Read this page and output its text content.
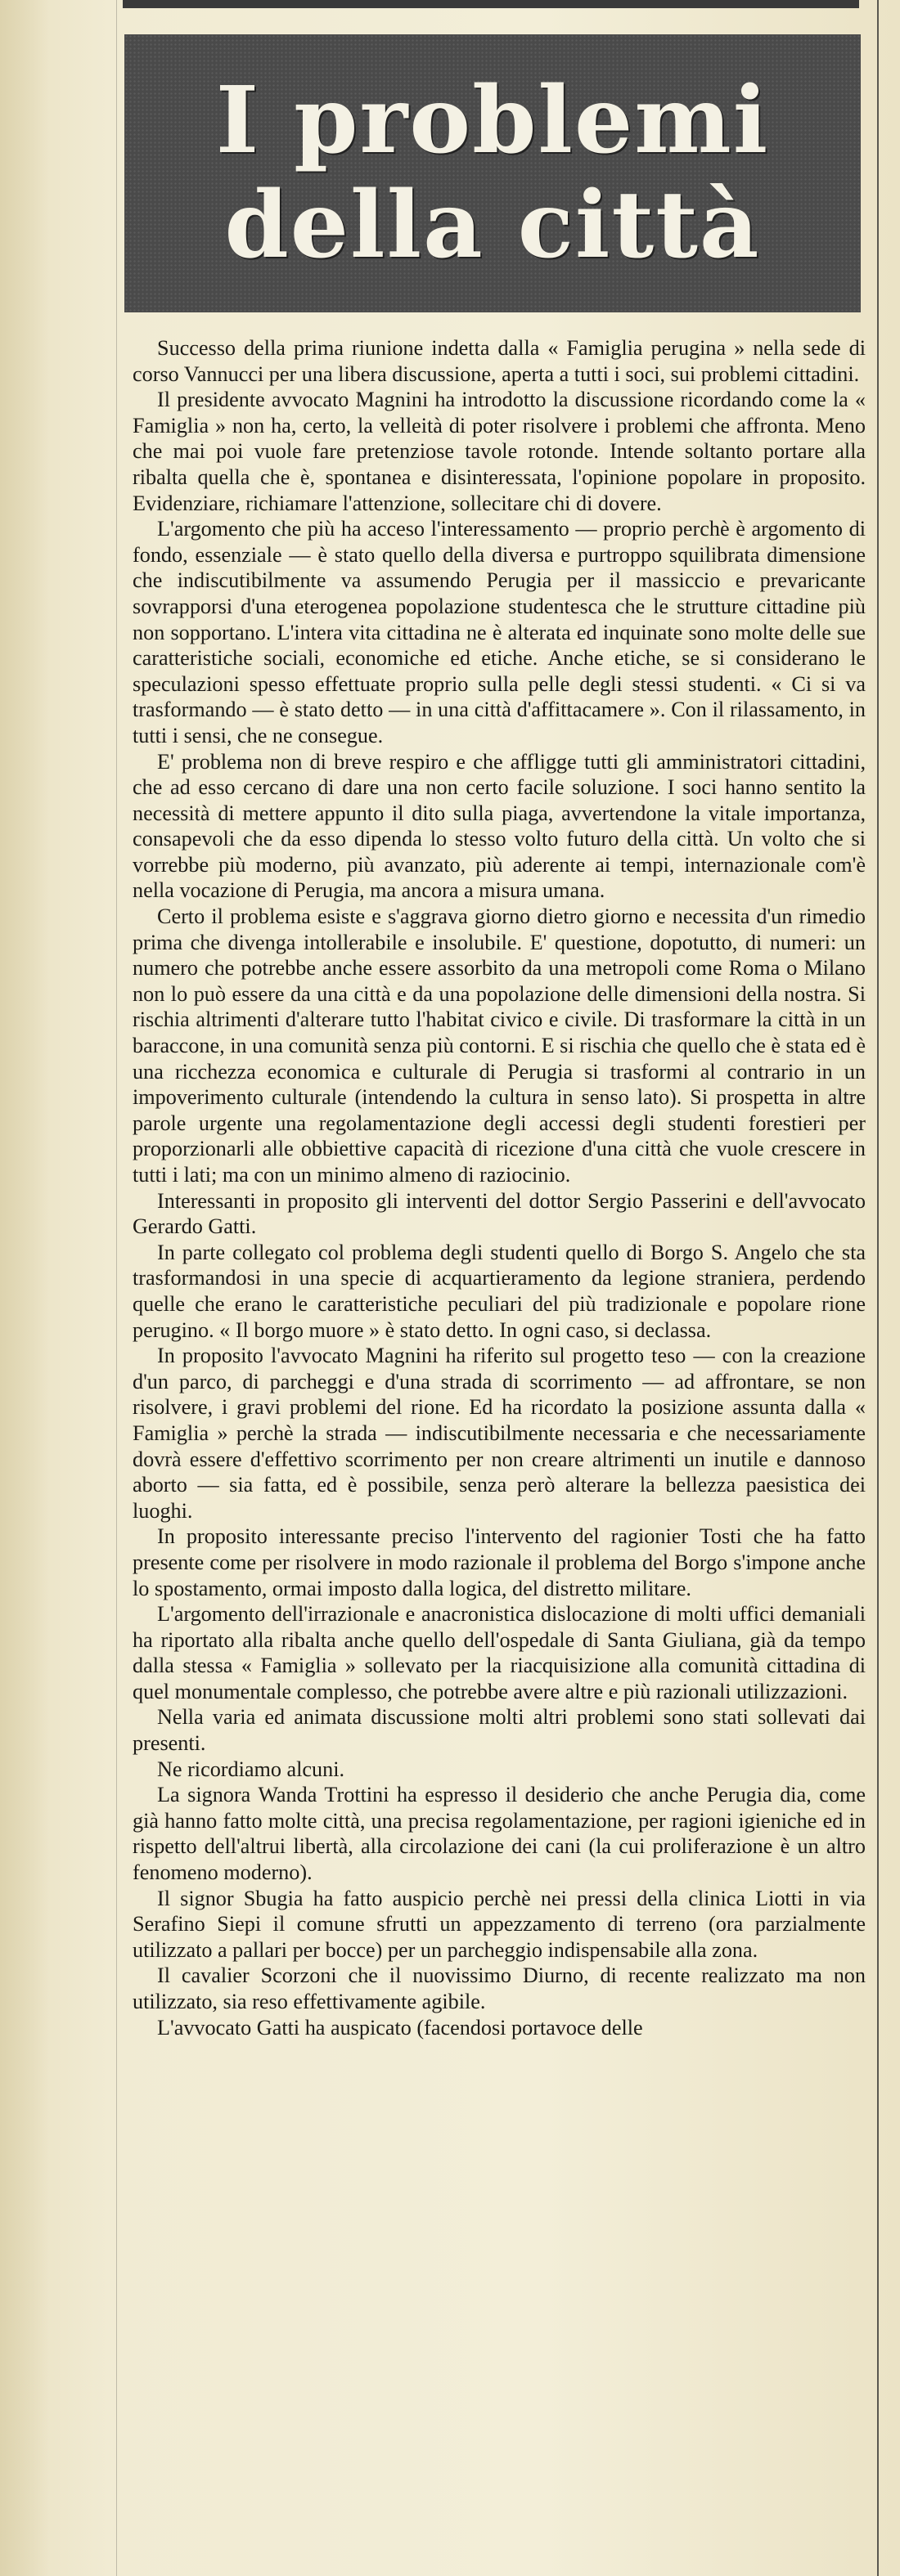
I problemi
della città

Successo della prima riunione indetta dalla « Famiglia perugina » nella sede di corso Vannucci per una libera discussione, aperta a tutti i soci, sui problemi cittadini.

Il presidente avvocato Magnini ha introdotto la discussione ricordando come la « Famiglia » non ha, certo, la velleità di poter risolvere i problemi che affronta. Meno che mai poi vuole fare pretenziose tavole rotonde. Intende soltanto portare alla ribalta quella che è, spontanea e disinteressata, l'opinione popolare in proposito. Evidenziare, richiamare l'attenzione, sollecitare chi di dovere.

L'argomento che più ha acceso l'interessamento — proprio perchè è argomento di fondo, essenziale — è stato quello della diversa e purtroppo squilibrata dimensione che indiscutibilmente va assumendo Perugia per il massiccio e prevaricante sovrapporsi d'una eterogenea popolazione studentesca che le strutture cittadine più non sopportano. L'intera vita cittadina ne è alterata ed inquinate sono molte delle sue caratteristiche sociali, economiche ed etiche. Anche etiche, se si considerano le speculazioni spesso effettuate proprio sulla pelle degli stessi studenti. « Ci si va trasformando — è stato detto — in una città d'affittacamere ». Con il rilassamento, in tutti i sensi, che ne consegue.

E' problema non di breve respiro e che affligge tutti gli amministratori cittadini, che ad esso cercano di dare una non certo facile soluzione. I soci hanno sentito la necessità di mettere appunto il dito sulla piaga, avvertendone la vitale importanza, consapevoli che da esso dipenda lo stesso volto futuro della città. Un volto che si vorrebbe più moderno, più avanzato, più aderente ai tempi, internazionale com'è nella vocazione di Perugia, ma ancora a misura umana.

Certo il problema esiste e s'aggrava giorno dietro giorno e necessita d'un rimedio prima che divenga intollerabile e insolubile. E' questione, dopotutto, di numeri: un numero che potrebbe anche essere assorbito da una metropoli come Roma o Milano non lo può essere da una città e da una popolazione delle dimensioni della nostra. Si rischia altrimenti d'alterare tutto l'habitat civico e civile. Di trasformare la città in un baraccone, in una comunità senza più contorni. E si rischia che quello che è stata ed è una ricchezza economica e culturale di Perugia si trasformi al contrario in un impoverimento culturale (intendendo la cultura in senso lato). Si prospetta in altre parole urgente una regolamentazione degli accessi degli studenti forestieri per proporzionarli alle obbiettive capacità di ricezione d'una città che vuole crescere in tutti i lati; ma con un minimo almeno di raziocinio.

Interessanti in proposito gli interventi del dottor Sergio Passerini e dell'avvocato Gerardo Gatti.

In parte collegato col problema degli studenti quello di Borgo S. Angelo che sta trasformandosi in una specie di acquartieramento da legione straniera, perdendo quelle che erano le caratteristiche peculiari del più tradizionale e popolare rione perugino. « Il borgo muore » è stato detto. In ogni caso, si declassa.

In proposito l'avvocato Magnini ha riferito sul progetto teso — con la creazione d'un parco, di parcheggi e d'una strada di scorrimento — ad affrontare, se non risolvere, i gravi problemi del rione. Ed ha ricordato la posizione assunta dalla « Famiglia » perchè la strada — indiscutibilmente necessaria e che necessariamente dovrà essere d'effettivo scorrimento per non creare altrimenti un inutile e dannoso aborto — sia fatta, ed è possibile, senza però alterare la bellezza paesistica dei luoghi.

In proposito interessante preciso l'intervento del ragionier Tosti che ha fatto presente come per risolvere in modo razionale il problema del Borgo s'impone anche lo spostamento, ormai imposto dalla logica, del distretto militare.

L'argomento dell'irrazionale e anacronistica dislocazione di molti uffici demaniali ha riportato alla ribalta anche quello dell'ospedale di Santa Giuliana, già da tempo dalla stessa « Famiglia » sollevato per la riacquisizione alla comunità cittadina di quel monumentale complesso, che potrebbe avere altre e più razionali utilizzazioni.

Nella varia ed animata discussione molti altri problemi sono stati sollevati dai presenti.

Ne ricordiamo alcuni.

La signora Wanda Trottini ha espresso il desiderio che anche Perugia dia, come già hanno fatto molte città, una precisa regolamentazione, per ragioni igieniche ed in rispetto dell'altrui libertà, alla circolazione dei cani (la cui proliferazione è un altro fenomeno moderno).

Il signor Sbugia ha fatto auspicio perchè nei pressi della clinica Liotti in via Serafino Siepi il comune sfrutti un appezzamento di terreno (ora parzialmente utilizzato a pallari per bocce) per un parcheggio indispensabile alla zona.

Il cavalier Scorzoni che il nuovissimo Diurno, di recente realizzato ma non utilizzato, sia reso effettivamente agibile.

L'avvocato Gatti ha auspicato (facendosi portavoce delle
